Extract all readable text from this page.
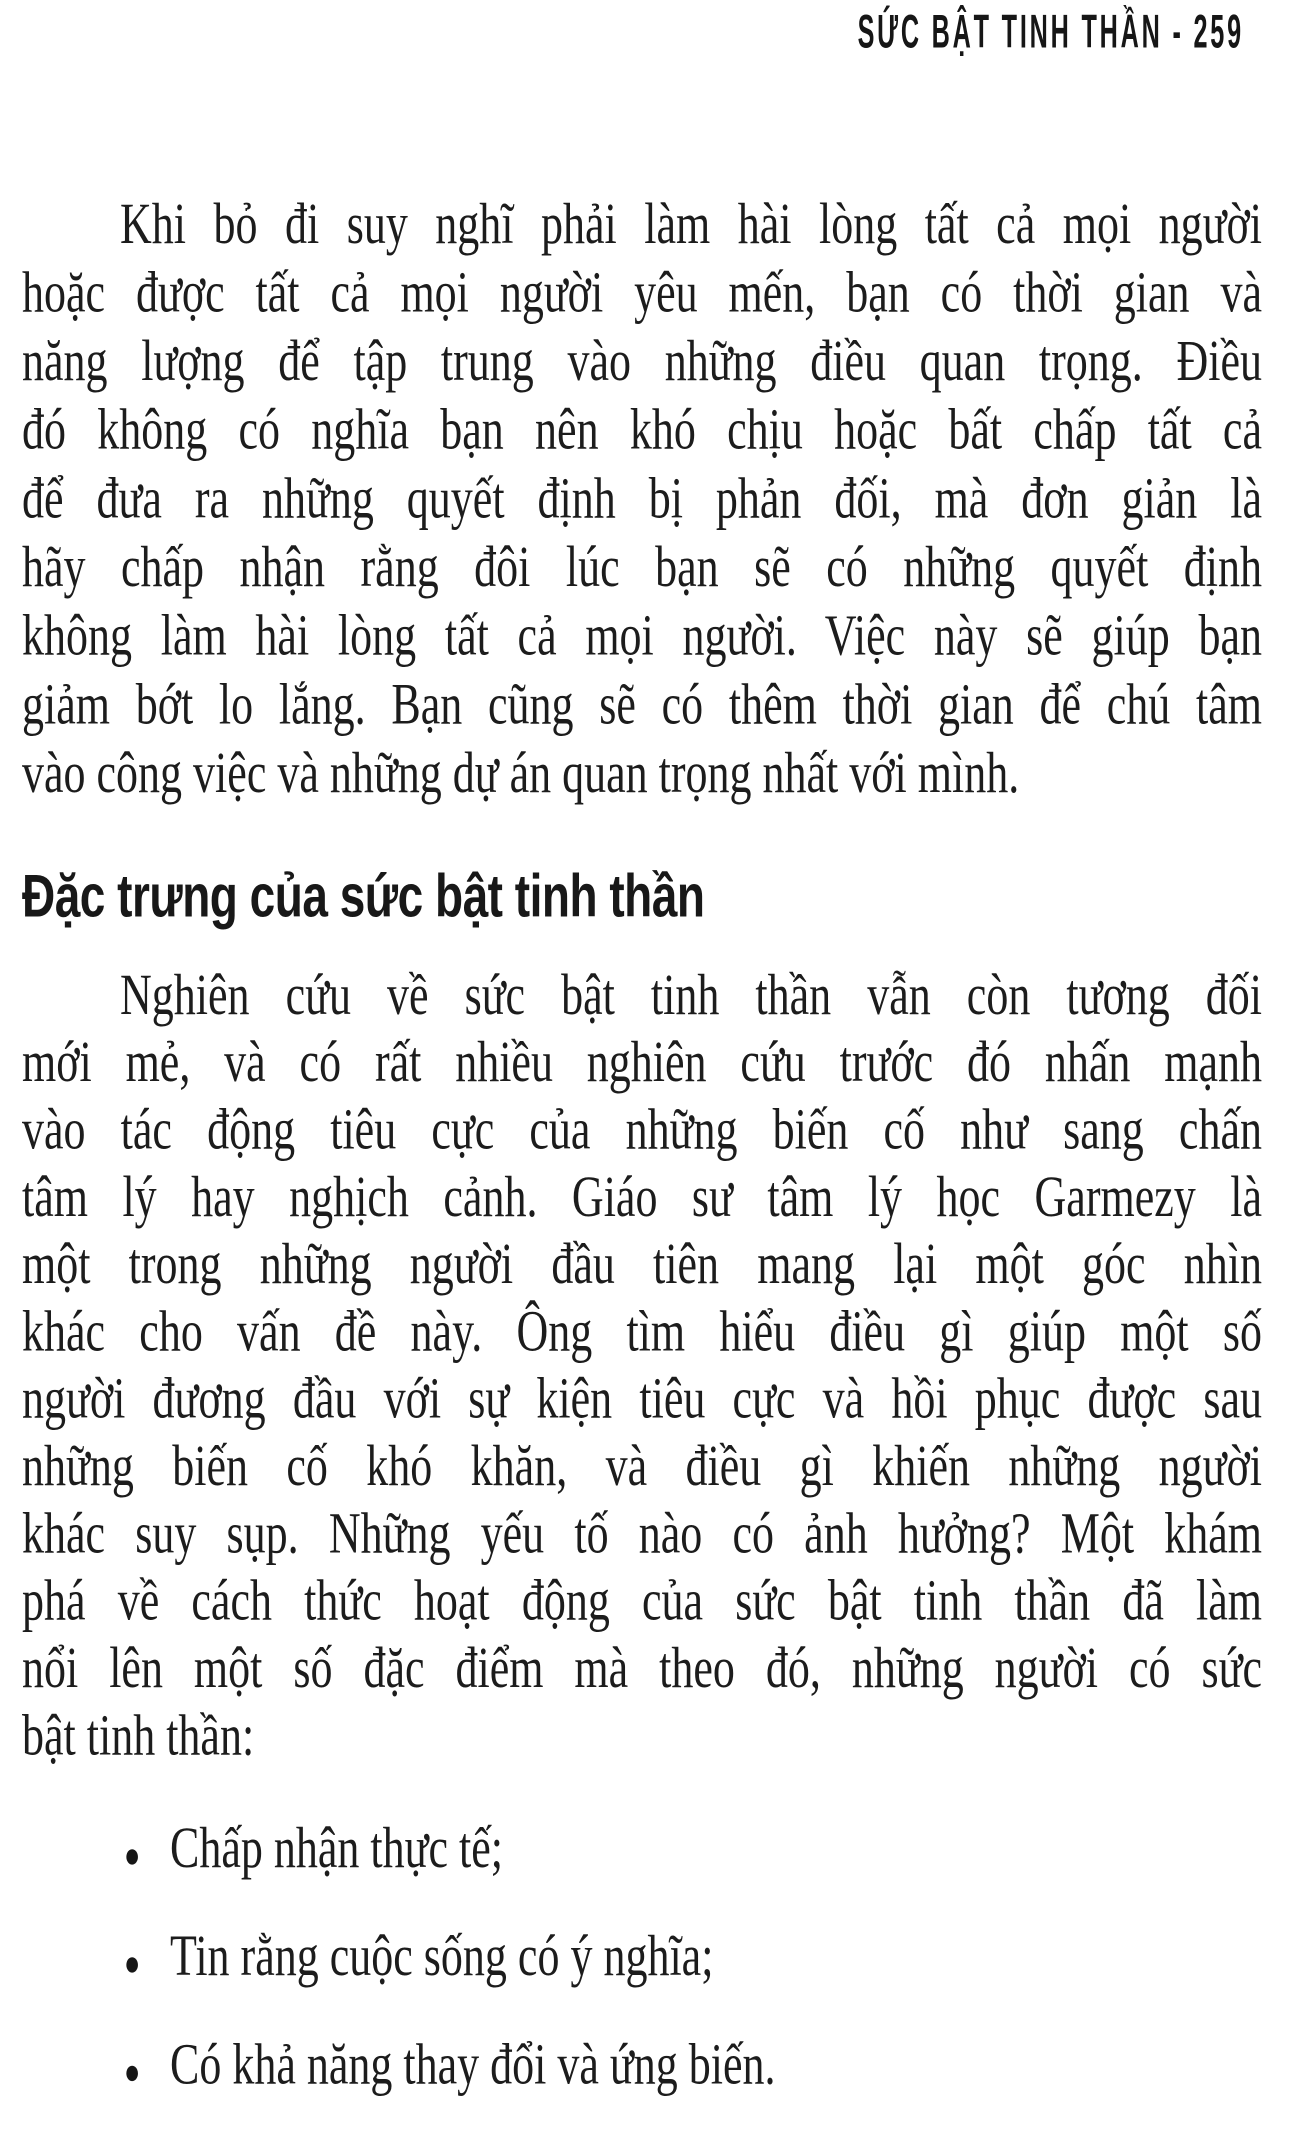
SỨC BẬT TINH THẦN - 259
Khi bỏ đi suy nghĩ phải làm hài lòng tất cả mọi người
hoặc được tất cả mọi người yêu mến, bạn có thời gian và
năng lượng để tập trung vào những điều quan trọng. Điều
đó không có nghĩa bạn nên khó chịu hoặc bất chấp tất cả
để đưa ra những quyết định bị phản đối, mà đơn giản là
hãy chấp nhận rằng đôi lúc bạn sẽ có những quyết định
không làm hài lòng tất cả mọi người. Việc này sẽ giúp bạn
giảm bớt lo lắng. Bạn cũng sẽ có thêm thời gian để chú tâm
vào công việc và những dự án quan trọng nhất với mình.
Đặc trưng của sức bật tinh thần
Nghiên cứu về sức bật tinh thần vẫn còn tương đối
mới mẻ, và có rất nhiều nghiên cứu trước đó nhấn mạnh
vào tác động tiêu cực của những biến cố như sang chấn
tâm lý hay nghịch cảnh. Giáo sư tâm lý học Garmezy là
một trong những người đầu tiên mang lại một góc nhìn
khác cho vấn đề này. Ông tìm hiểu điều gì giúp một số
người đương đầu với sự kiện tiêu cực và hồi phục được sau
những biến cố khó khăn, và điều gì khiến những người
khác suy sụp. Những yếu tố nào có ảnh hưởng? Một khám
phá về cách thức hoạt động của sức bật tinh thần đã làm
nổi lên một số đặc điểm mà theo đó, những người có sức
bật tinh thần:
● Chấp nhận thực tế;
● Tin rằng cuộc sống có ý nghĩa;
● Có khả năng thay đổi và ứng biến.
